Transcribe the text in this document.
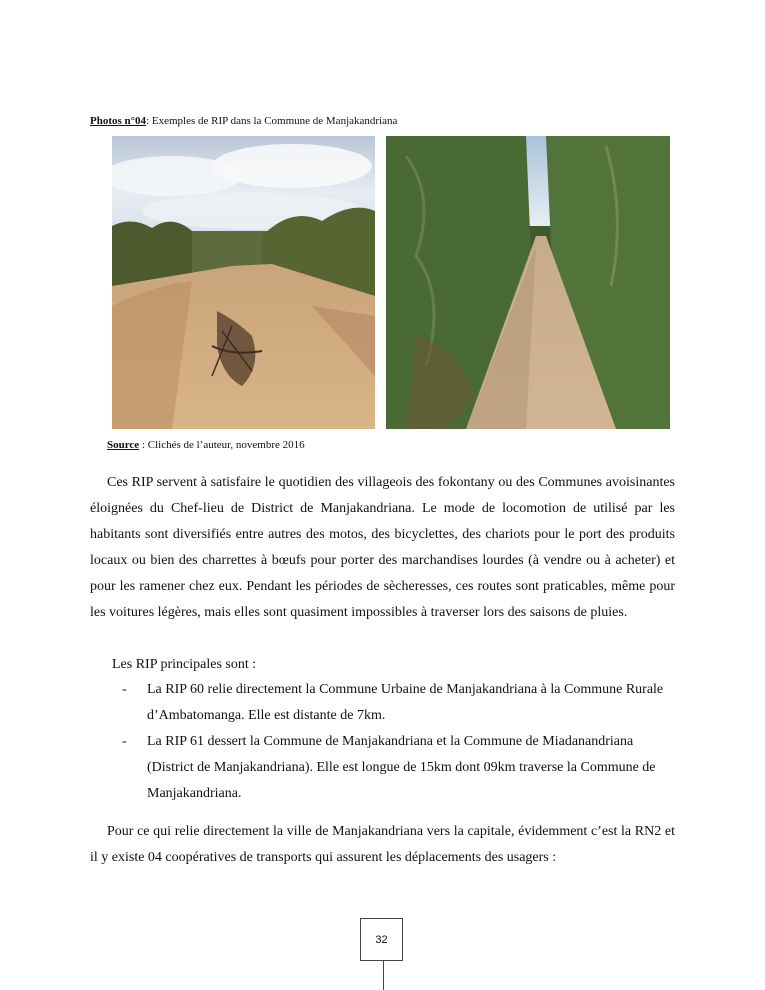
Photos n°04: Exemples de RIP dans la Commune de Manjakandriana
Source : Clichés de l’auteur, novembre 2016
Ces RIP servent à satisfaire le quotidien des villageois des fokontany ou des Communes avoisinantes éloignées du Chef-lieu de District de Manjakandriana. Le mode de locomotion de utilisé par les habitants sont diversifiés entre autres des motos, des bicyclettes, des chariots pour le port des produits locaux ou bien des charrettes à bœufs pour porter des marchandises lourdes (à vendre ou à acheter) et pour les ramener chez eux. Pendant les périodes de sècheresses, ces routes sont praticables, même pour les voitures légères, mais elles sont quasiment impossibles à traverser lors des saisons de pluies.
Les RIP principales sont :
- La RIP 60 relie directement la Commune Urbaine de Manjakandriana à la Commune Rurale d’Ambatomanga. Elle est distante de 7km.
- La RIP 61 dessert la Commune de Manjakandriana et la Commune de Miadanandriana (District de Manjakandriana). Elle est longue de 15km dont 09km traverse la Commune de Manjakandriana.
Pour ce qui relie directement la ville de Manjakandriana vers la capitale, évidemment c’est la RN2 et il y existe 04 coopératives de transports qui assurent les déplacements des usagers :
32
